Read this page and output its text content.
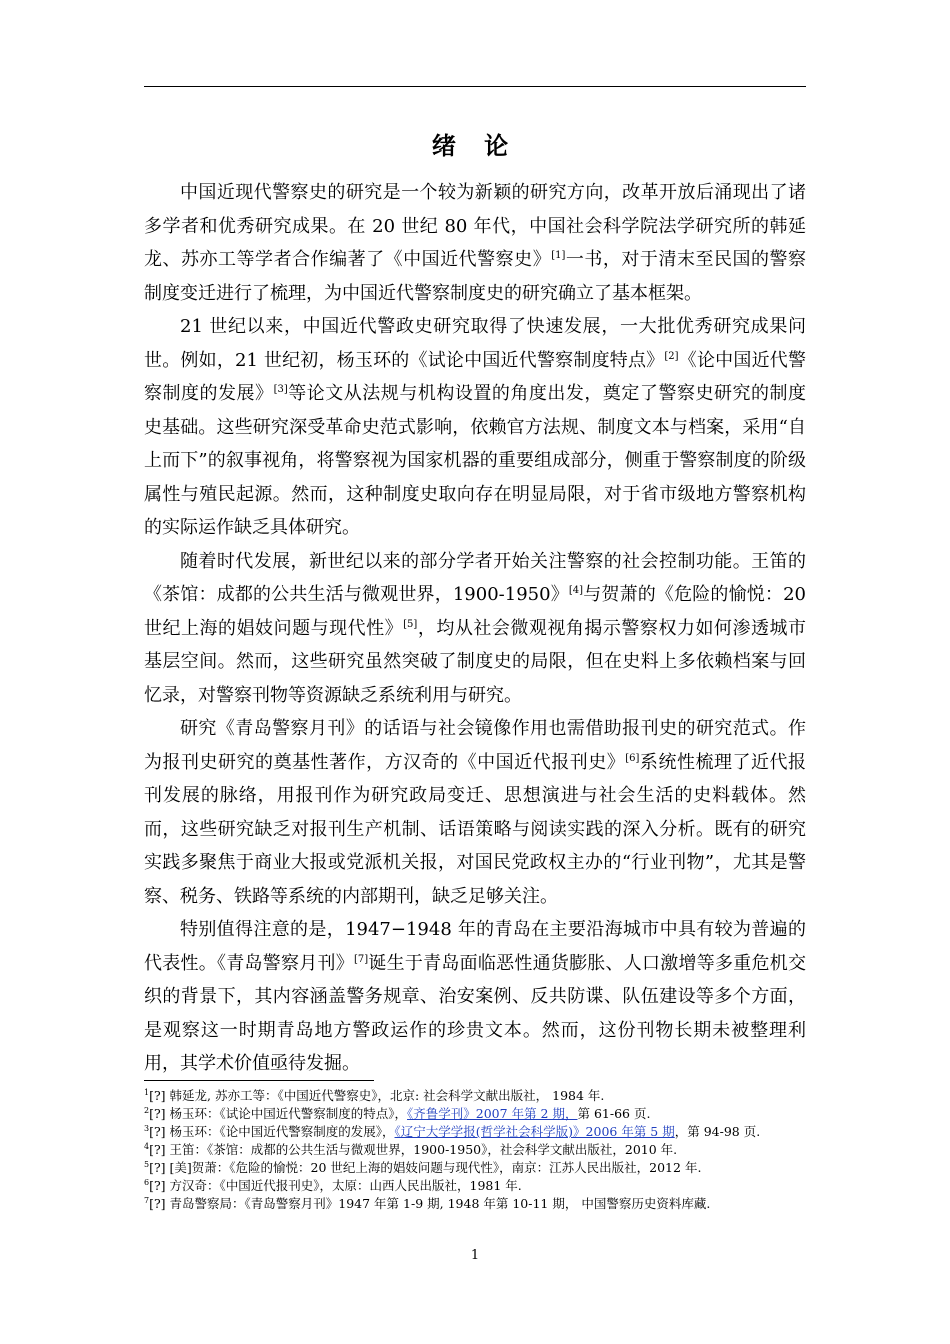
绪 论

中国近现代警察史的研究是一个较为新颖的研究方向，改革开放后涌现出了诸多学者和优秀研究成果。在 20 世纪 80 年代，中国社会科学院法学研究所的韩延龙、苏亦工等学者合作编著了《中国近代警察史》[1]一书，对于清末至民国的警察制度变迁进行了梳理，为中国近代警察制度史的研究确立了基本框架。

21 世纪以来，中国近代警政史研究取得了快速发展，一大批优秀研究成果问世。例如，21 世纪初，杨玉环的《试论中国近代警察制度特点》[2]《论中国近代警察制度的发展》[3]等论文从法规与机构设置的角度出发，奠定了警察史研究的制度史基础。这些研究深受革命史范式影响，依赖官方法规、制度文本与档案，采用“自上而下”的叙事视角，将警察视为国家机器的重要组成部分，侧重于警察制度的阶级属性与殖民起源。然而，这种制度史取向存在明显局限，对于省市级地方警察机构的实际运作缺乏具体研究。

随着时代发展，新世纪以来的部分学者开始关注警察的社会控制功能。王笛的《茶馆：成都的公共生活与微观世界，1900-1950》[4]与贺萧的《危险的愉悦：20 世纪上海的娼妓问题与现代性》[5]，均从社会微观视角揭示警察权力如何渗透城市基层空间。然而，这些研究虽然突破了制度史的局限，但在史料上多依赖档案与回忆录，对警察刊物等资源缺乏系统利用与研究。

研究《青岛警察月刊》的话语与社会镜像作用也需借助报刊史的研究范式。作为报刊史研究的奠基性著作，方汉奇的《中国近代报刊史》[6]系统性梳理了近代报刊发展的脉络，用报刊作为研究政局变迁、思想演进与社会生活的史料载体。然而，这些研究缺乏对报刊生产机制、话语策略与阅读实践的深入分析。既有的研究实践多聚焦于商业大报或党派机关报，对国民党政权主办的“行业刊物”，尤其是警察、税务、铁路等系统的内部期刊，缺乏足够关注。

特别值得注意的是，1947−1948 年的青岛在主要沿海城市中具有较为普遍的代表性。《青岛警察月刊》[7]诞生于青岛面临恶性通货膨胀、人口激增等多重危机交织的背景下，其内容涵盖警务规章、治安案例、反共防谍、队伍建设等多个方面，是观察这一时期青岛地方警政运作的珍贵文本。然而，这份刊物长期未被整理利用，其学术价值亟待发掘。

$^1$[?] 韩延龙, 苏亦工等：《中国近代警察史》，北京: 社会科学文献出版社， 1984 年.
$^2$[?] 杨玉环：《试论中国近代警察制度的特点》，《齐鲁学刊》2007 年第 2 期，第 61-66 页.
$^3$[?] 杨玉环：《论中国近代警察制度的发展》，《辽宁大学学报(哲学社会科学版)》2006 年第 5 期，第 94-98 页.
$^4$[?] 王笛：《茶馆：成都的公共生活与微观世界，1900-1950》，社会科学文献出版社，2010 年.
$^5$[?] [美]贺萧：《危险的愉悦：20 世纪上海的娼妓问题与现代性》，南京：江苏人民出版社，2012 年.
$^6$[?] 方汉奇：《中国近代报刊史》，太原：山西人民出版社，1981 年.
$^7$[?] 青岛警察局：《青岛警察月刊》1947 年第 1-9 期, 1948 年第 10-11 期， 中国警察历史资料库藏.
1
